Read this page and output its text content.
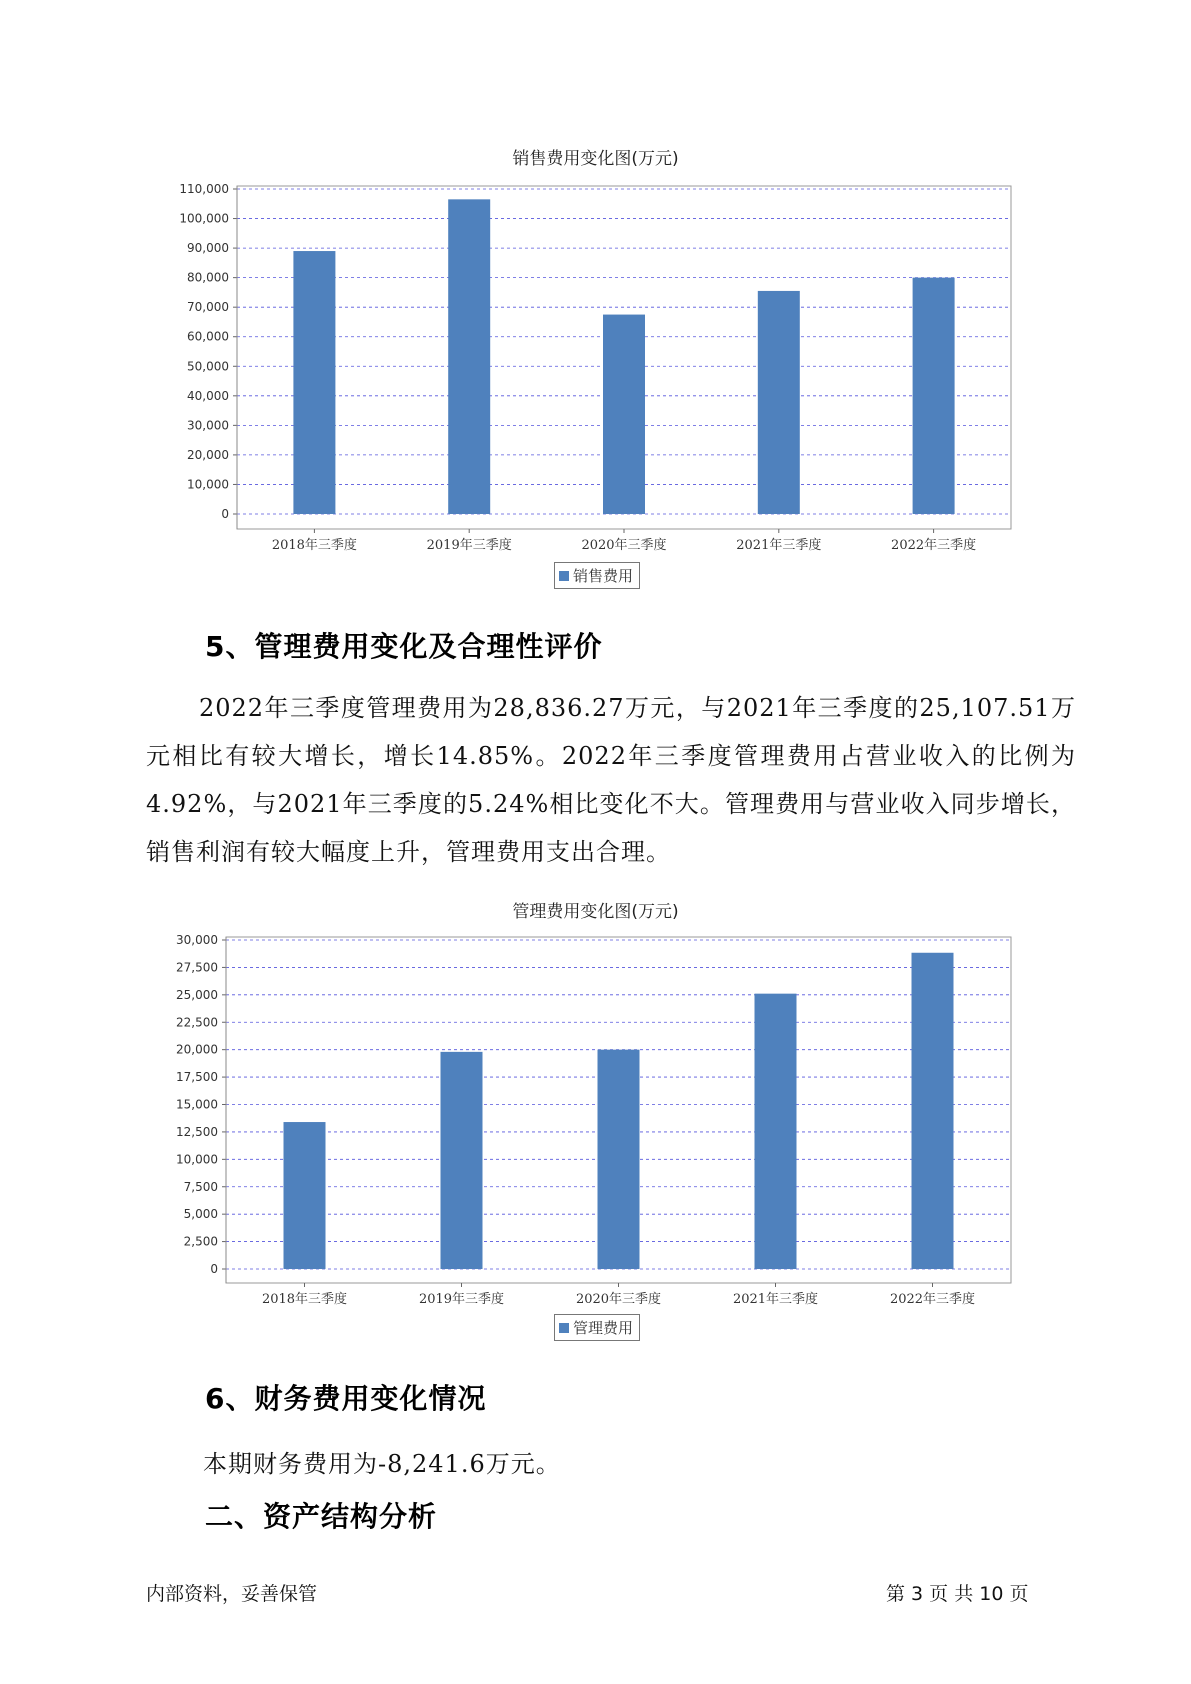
销售费用变化图(万元)
0
10,000
20,000
30,000
40,000
50,000
60,000
70,000
80,000
90,000
100,000
110,000
2018年三季度	2019年三季度	2020年三季度	2021年三季度	2022年三季度
销售费用
5、管理费用变化及合理性评价

2022年三季度管理费用为28,836.27万元，与2021年三季度的25,107.51万元相比有较大增长，增长14.85%。2022年三季度管理费用占营业收入的比例为4.92%，与2021年三季度的5.24%相比变化不大。管理费用与营业收入同步增长，销售利润有较大幅度上升，管理费用支出合理。

管理费用变化图(万元)
0
2,500
5,000
7,500
10,000
12,500
15,000
17,500
20,000
22,500
25,000
27,500
30,000
2018年三季度	2019年三季度	2020年三季度	2021年三季度	2022年三季度
管理费用
6、财务费用变化情况

本期财务费用为-8,241.6万元。

二、资产结构分析
内部资料，妥善保管	第 3 页 共 10 页
